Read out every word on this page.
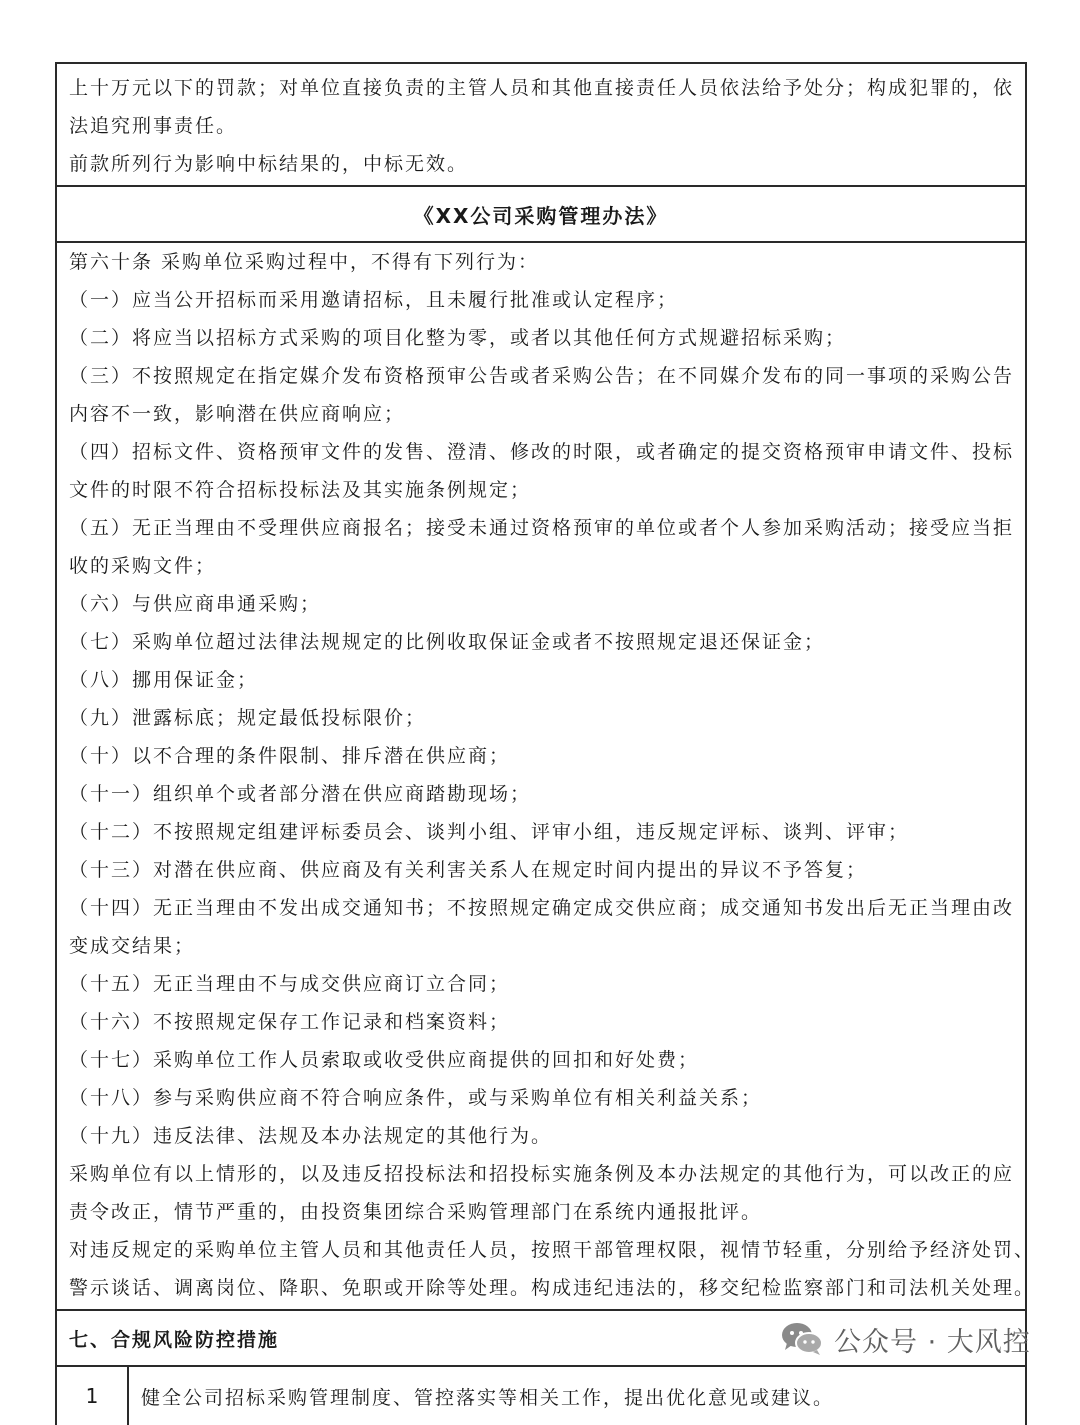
上十万元以下的罚款；对单位直接负责的主管人员和其他直接责任人员依法给予处分；构成犯罪的，依

法追究刑事责任。

前款所列行为影响中标结果的，中标无效。

《XX公司采购管理办法》

第六十条 采购单位采购过程中，不得有下列行为：

（一）应当公开招标而采用邀请招标，且未履行批准或认定程序；

（二）将应当以招标方式采购的项目化整为零，或者以其他任何方式规避招标采购；

（三）不按照规定在指定媒介发布资格预审公告或者采购公告；在不同媒介发布的同一事项的采购公告

内容不一致，影响潜在供应商响应；

（四）招标文件、资格预审文件的发售、澄清、修改的时限，或者确定的提交资格预审申请文件、投标

文件的时限不符合招标投标法及其实施条例规定；

（五）无正当理由不受理供应商报名；接受未通过资格预审的单位或者个人参加采购活动；接受应当拒

收的采购文件；

（六）与供应商串通采购；

（七）采购单位超过法律法规规定的比例收取保证金或者不按照规定退还保证金；

（八）挪用保证金；

（九）泄露标底；规定最低投标限价；

（十）以不合理的条件限制、排斥潜在供应商；

（十一）组织单个或者部分潜在供应商踏勘现场；

（十二）不按照规定组建评标委员会、谈判小组、评审小组，违反规定评标、谈判、评审；

（十三）对潜在供应商、供应商及有关利害关系人在规定时间内提出的异议不予答复；

（十四）无正当理由不发出成交通知书；不按照规定确定成交供应商；成交通知书发出后无正当理由改

变成交结果；

（十五）无正当理由不与成交供应商订立合同；

（十六）不按照规定保存工作记录和档案资料；

（十七）采购单位工作人员索取或收受供应商提供的回扣和好处费；

（十八）参与采购供应商不符合响应条件，或与采购单位有相关利益关系；

（十九）违反法律、法规及本办法规定的其他行为。

采购单位有以上情形的，以及违反招投标法和招投标实施条例及本办法规定的其他行为，可以改正的应

责令改正，情节严重的，由投资集团综合采购管理部门在系统内通报批评。

对违反规定的采购单位主管人员和其他责任人员，按照干部管理权限，视情节轻重，分别给予经济处罚、

警示谈话、调离岗位、降职、免职或开除等处理。构成违纪违法的，移交纪检监察部门和司法机关处理。

七、合规风险防控措施
1	健全公司招标采购管理制度、管控落实等相关工作，提出优化意见或建议。
公众号 · 大风控
